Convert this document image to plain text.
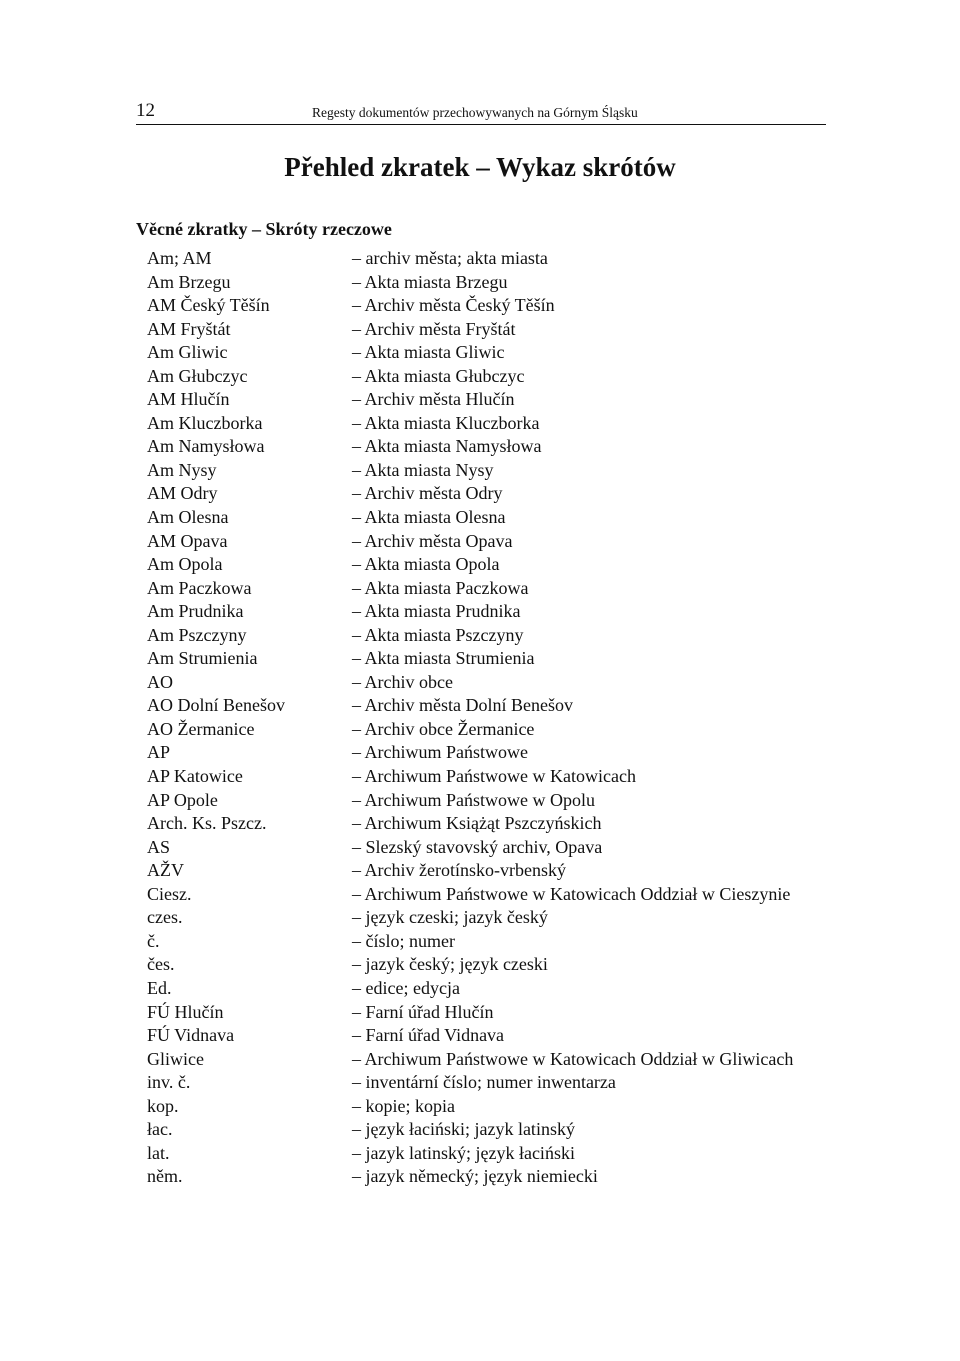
12	Regesty dokumentów przechowywanych na Górnym Śląsku
Přehled zkratek – Wykaz skrótów
Věcné zkratky – Skróty rzeczowe
Am; AM	– archiv města; akta miasta
Am Brzegu	– Akta miasta Brzegu
AM Český Těšín	– Archiv města Český Těšín
AM Fryštát	– Archiv města Fryštát
Am Gliwic	– Akta miasta Gliwic
Am Głubczyc	– Akta miasta Głubczyc
AM Hlučín	– Archiv města Hlučín
Am Kluczborka	– Akta miasta Kluczborka
Am Namysłowa	– Akta miasta Namysłowa
Am Nysy	– Akta miasta Nysy
AM Odry	– Archiv města Odry
Am Olesna	– Akta miasta Olesna
AM Opava	– Archiv města Opava
Am Opola	– Akta miasta Opola
Am Paczkowa	– Akta miasta Paczkowa
Am Prudnika	– Akta miasta Prudnika
Am Pszczyny	– Akta miasta Pszczyny
Am Strumienia	– Akta miasta Strumienia
AO	– Archiv obce
AO Dolní Benešov	– Archiv města Dolní Benešov
AO Žermanice	– Archiv obce Žermanice
AP	– Archiwum Państwowe
AP Katowice	– Archiwum Państwowe w Katowicach
AP Opole	– Archiwum Państwowe w Opolu
Arch. Ks. Pszcz.	– Archiwum Książąt Pszczyńskich
AS	– Slezský stavovský archiv, Opava
AŽV	– Archiv žerotínsko-vrbenský
Ciesz.	– Archiwum Państwowe w Katowicach Oddział w Cieszynie
czes.	– język czeski; jazyk český
č.	– číslo; numer
čes.	– jazyk český; język czeski
Ed.	– edice; edycja
FÚ Hlučín	– Farní úřad Hlučín
FÚ Vidnava	– Farní úřad Vidnava
Gliwice	– Archiwum Państwowe w Katowicach Oddział w Gliwicach
inv. č.	– inventární číslo; numer inwentarza
kop.	– kopie; kopia
łac.	– język łaciński; jazyk latinský
lat.	– jazyk latinský; język łaciński
něm.	– jazyk německý; język niemiecki
